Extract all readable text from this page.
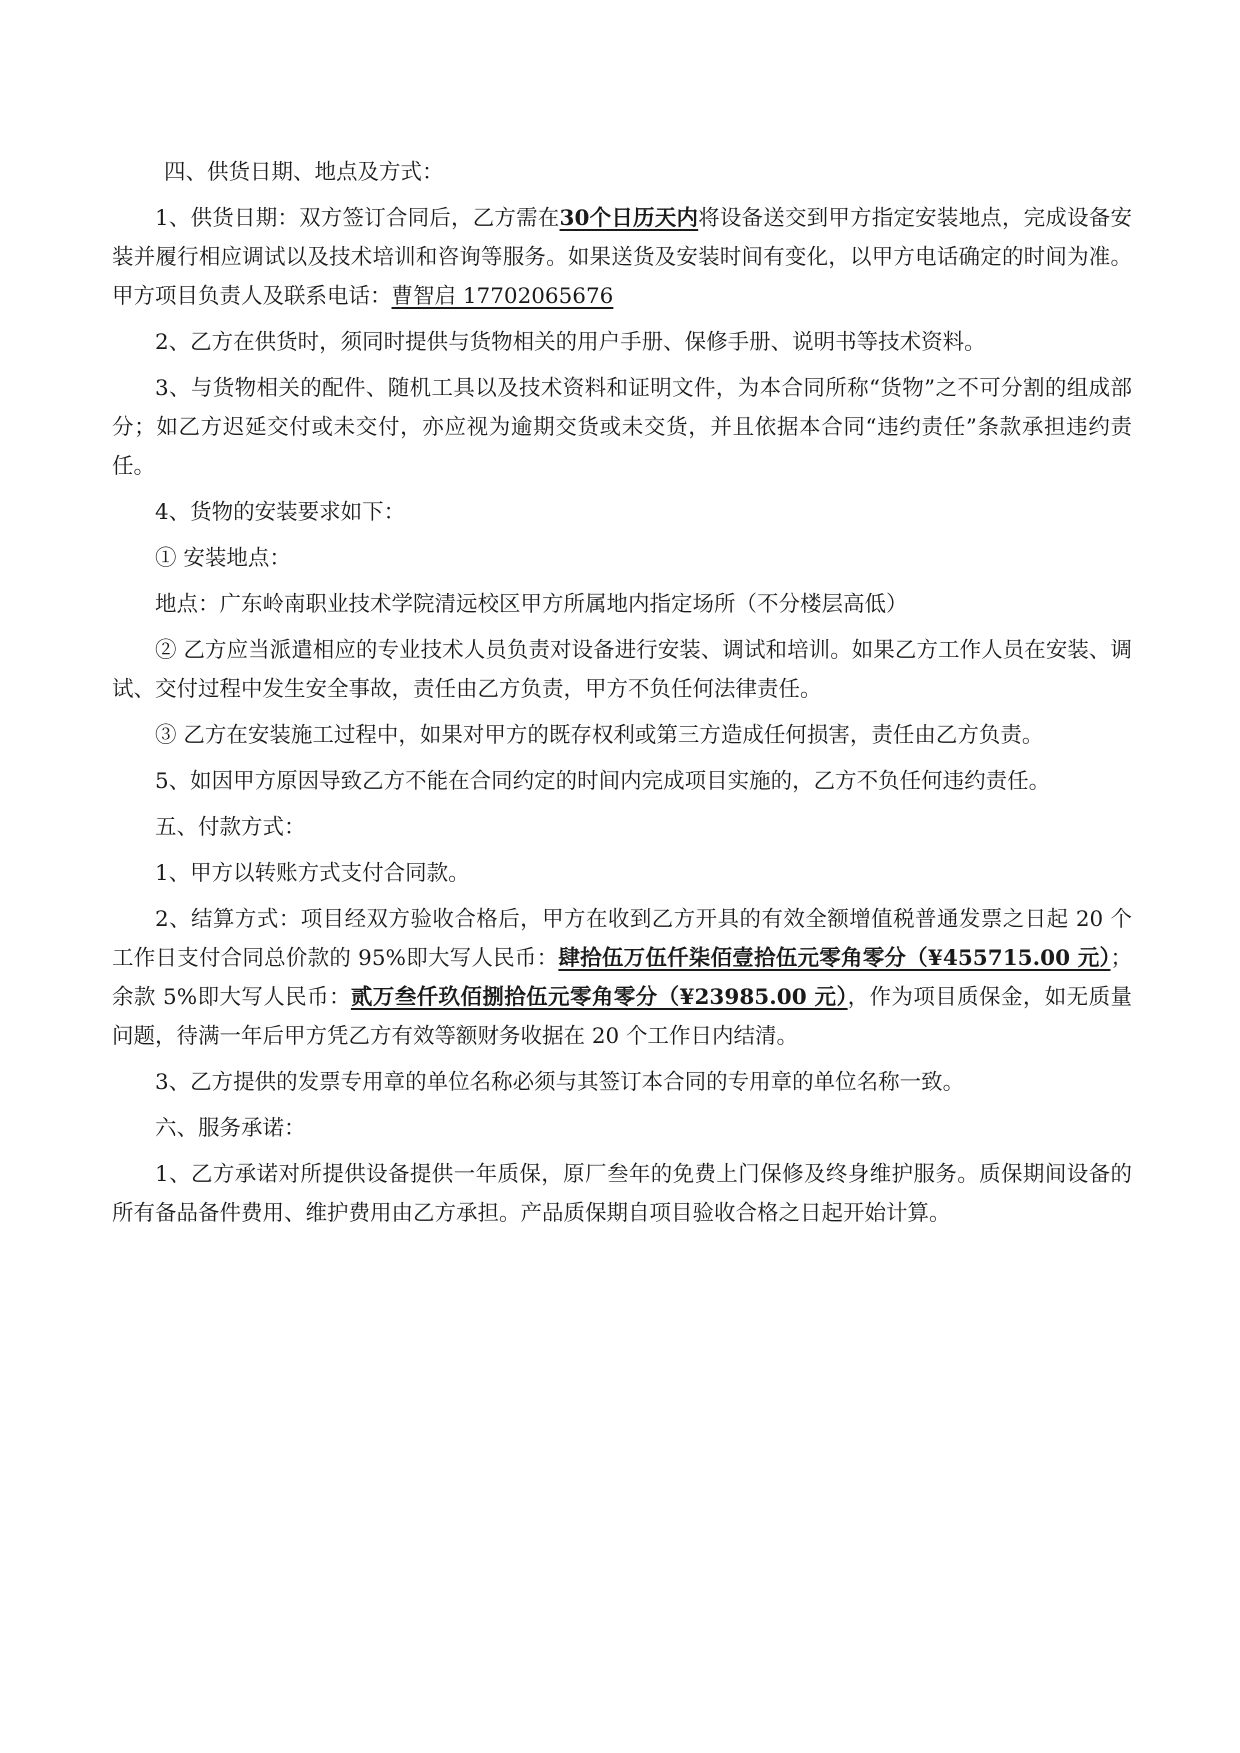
四、供货日期、地点及方式：

1、供货日期：双方签订合同后，乙方需在30个日历天内将设备送交到甲方指定安装地点，完成设备安装并履行相应调试以及技术培训和咨询等服务。如果送货及安装时间有变化，以甲方电话确定的时间为准。甲方项目负责人及联系电话：曹智启 17702065676

2、乙方在供货时，须同时提供与货物相关的用户手册、保修手册、说明书等技术资料。

3、与货物相关的配件、随机工具以及技术资料和证明文件，为本合同所称“货物”之不可分割的组成部分；如乙方迟延交付或未交付，亦应视为逾期交货或未交货，并且依据本合同“违约责任”条款承担违约责任。

4、货物的安装要求如下：

① 安装地点：

地点：广东岭南职业技术学院清远校区甲方所属地内指定场所（不分楼层高低）

② 乙方应当派遣相应的专业技术人员负责对设备进行安装、调试和培训。如果乙方工作人员在安装、调试、交付过程中发生安全事故，责任由乙方负责，甲方不负任何法律责任。

③ 乙方在安装施工过程中，如果对甲方的既存权利或第三方造成任何损害，责任由乙方负责。

5、如因甲方原因导致乙方不能在合同约定的时间内完成项目实施的，乙方不负任何违约责任。

五、付款方式：

1、甲方以转账方式支付合同款。

2、结算方式：项目经双方验收合格后，甲方在收到乙方开具的有效全额增值税普通发票之日起 20 个工作日支付合同总价款的 95%即大写人民币：肆拾伍万伍仟柒佰壹拾伍元零角零分（¥455715.00 元）；余款 5%即大写人民币：贰万叁仟玖佰捌拾伍元零角零分（¥23985.00 元），作为项目质保金，如无质量问题，待满一年后甲方凭乙方有效等额财务收据在 20 个工作日内结清。

3、乙方提供的发票专用章的单位名称必须与其签订本合同的专用章的单位名称一致。

六、服务承诺：

1、乙方承诺对所提供设备提供一年质保，原厂叁年的免费上门保修及终身维护服务。质保期间设备的所有备品备件费用、维护费用由乙方承担。产品质保期自项目验收合格之日起开始计算。
